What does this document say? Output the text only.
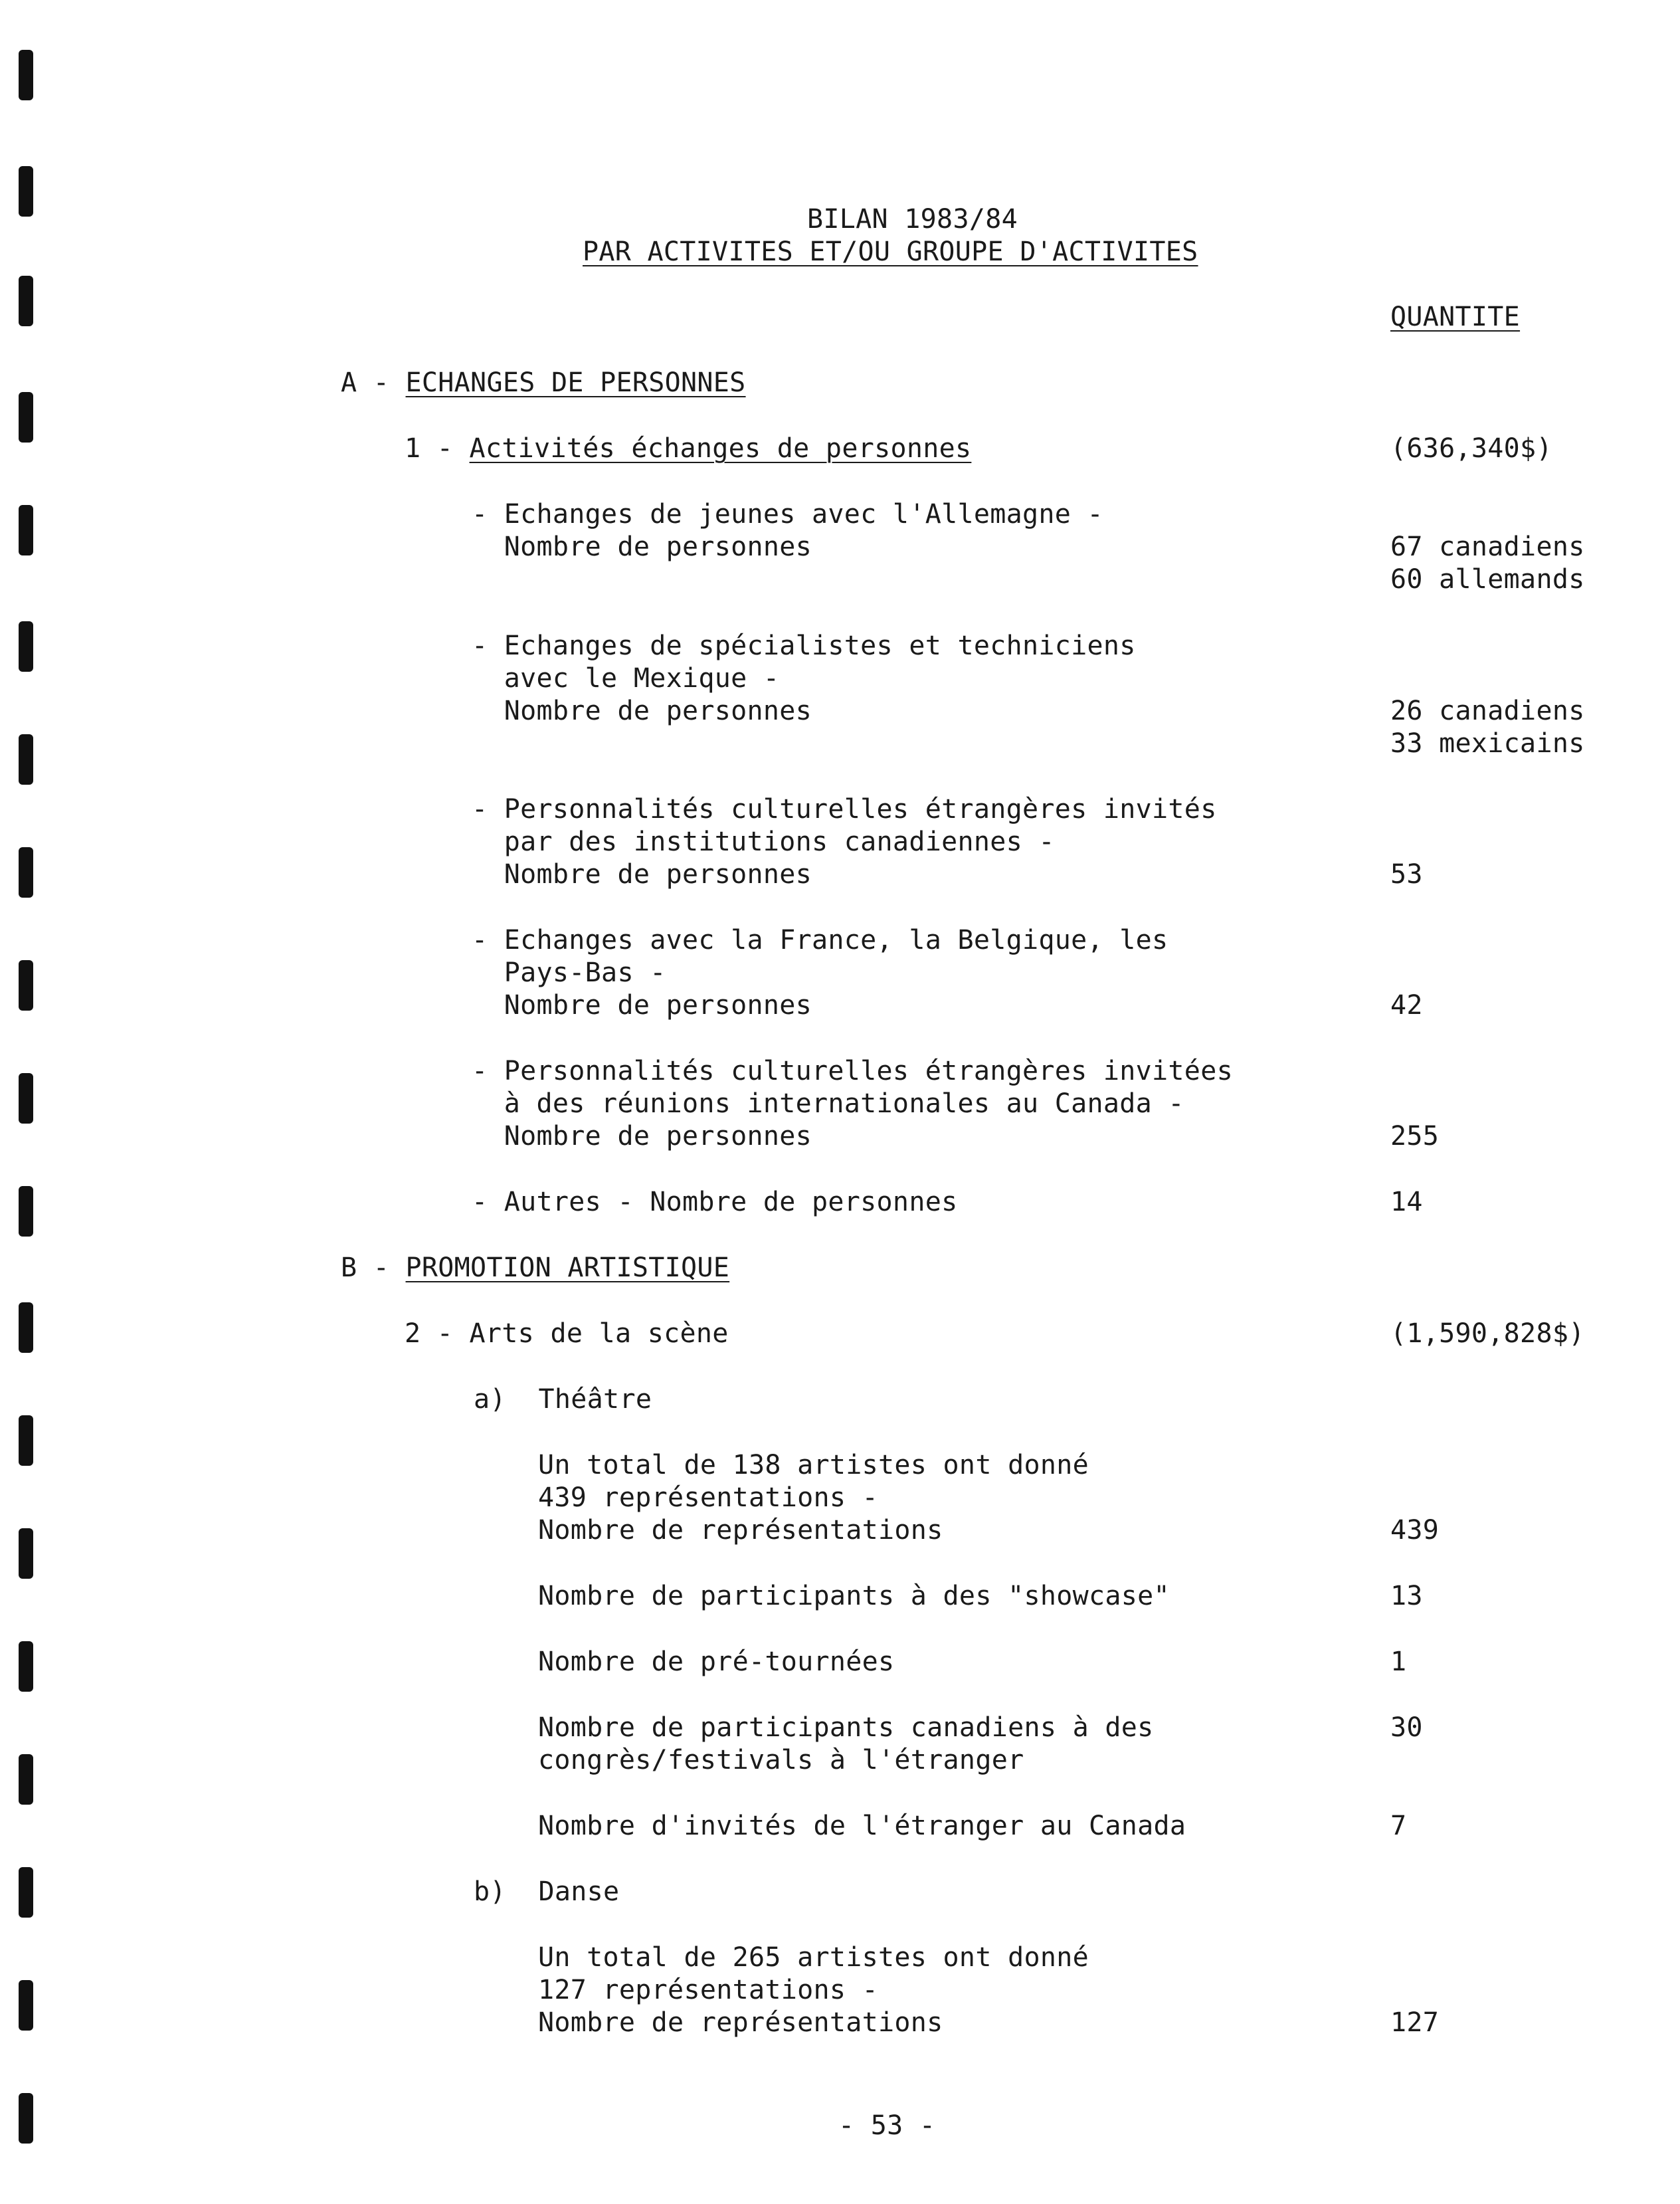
BILAN 1983/84
PAR ACTIVITES ET/OU GROUPE D'ACTIVITES
QUANTITE
A - ECHANGES DE PERSONNES
1 - Activités échanges de personnes	(636,340$)
- Echanges de jeunes avec l'Allemagne -
Nombre de personnes	67 canadiens
60 allemands
- Echanges de spécialistes et techniciens
avec le Mexique -
Nombre de personnes	26 canadiens
33 mexicains
- Personnalités culturelles étrangères invités
par des institutions canadiennes -
Nombre de personnes	53
- Echanges avec la France, la Belgique, les
Pays-Bas -
Nombre de personnes	42
- Personnalités culturelles étrangères invitées
à des réunions internationales au Canada -
Nombre de personnes	255
- Autres - Nombre de personnes	14
B - PROMOTION ARTISTIQUE
2 - Arts de la scène	(1,590,828$)
a)  Théâtre
Un total de 138 artistes ont donné
439 représentations -
Nombre de représentations	439
Nombre de participants à des "showcase"	13
Nombre de pré-tournées	1
Nombre de participants canadiens à des
congrès/festivals à l'étranger
30
Nombre d'invités de l'étranger au Canada	7
b)  Danse
Un total de 265 artistes ont donné
127 représentations -
Nombre de représentations	127
- 53 -
